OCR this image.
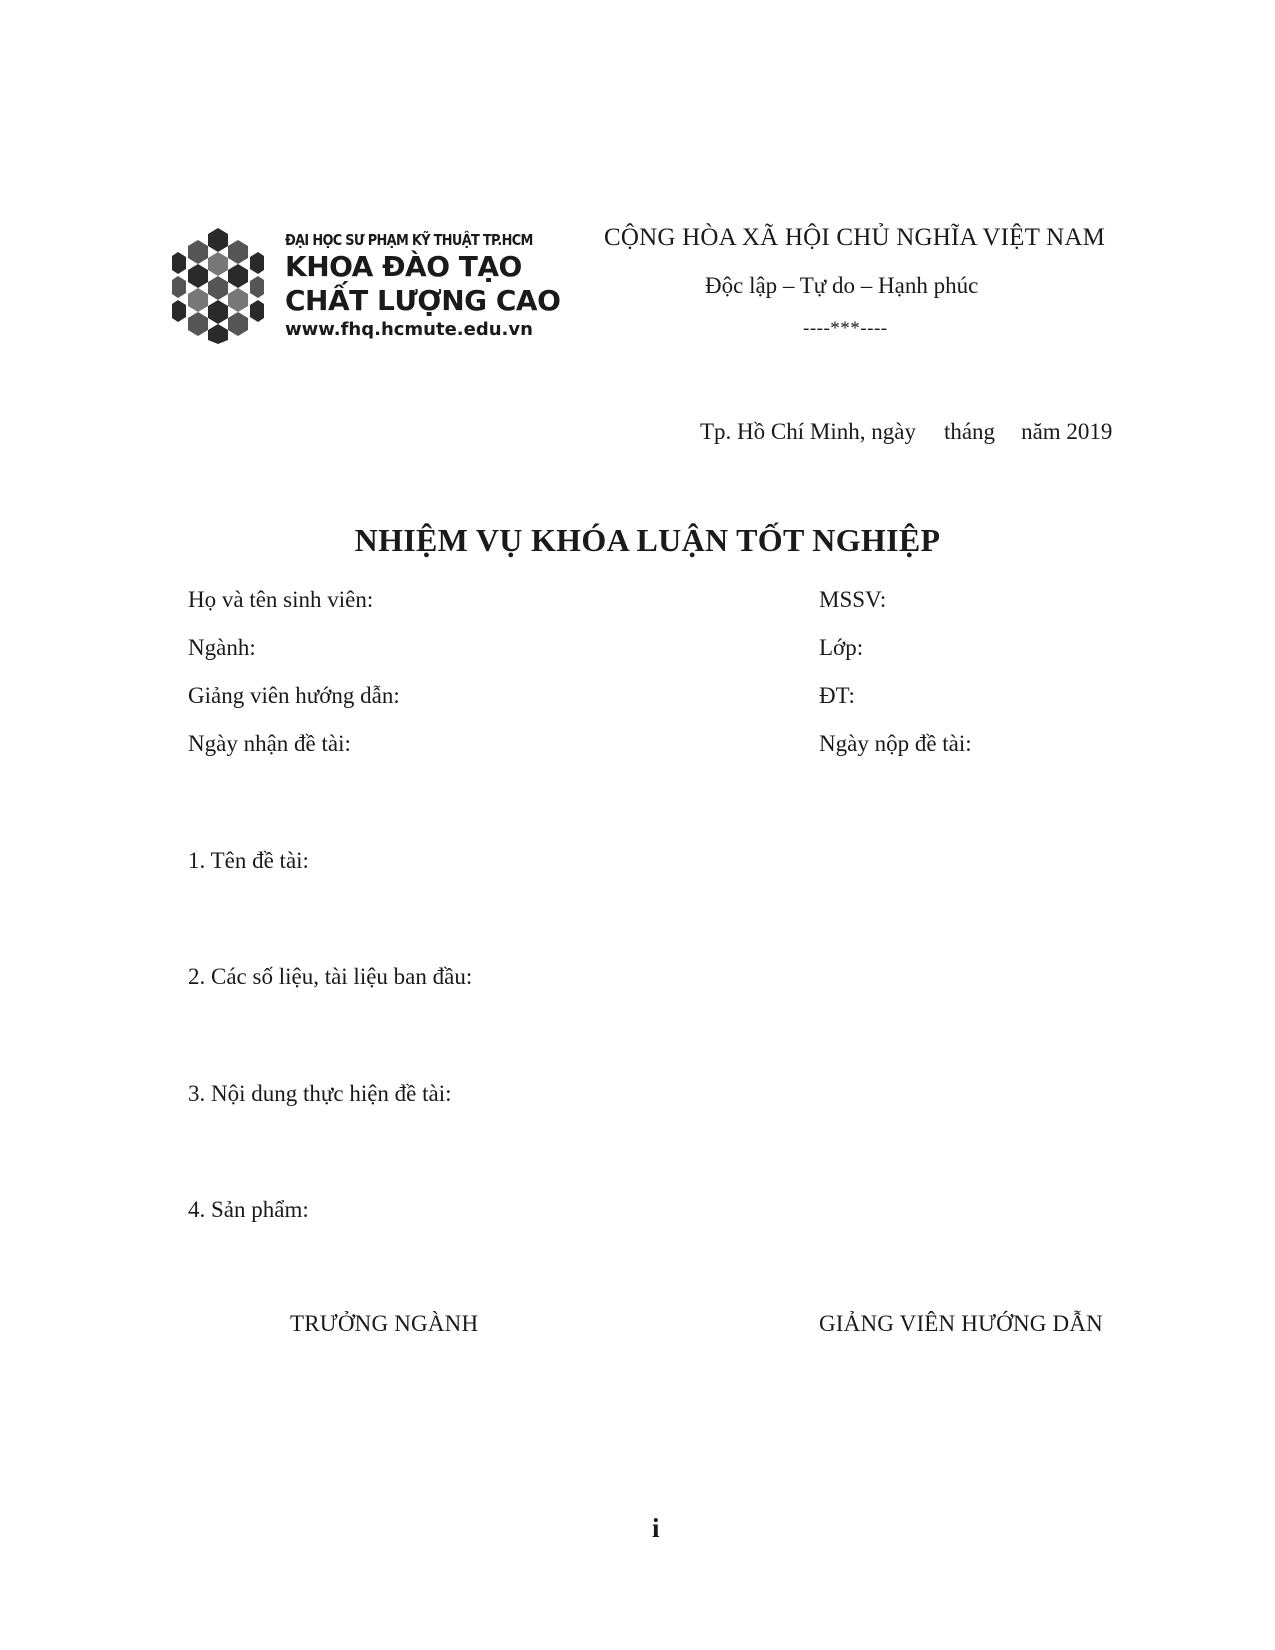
ĐẠI HỌC SƯ PHẠM KỸ THUẬT TP.HCM
KHOA ĐÀO TẠO
CHẤT LƯỢNG CAO
www.fhq.hcmute.edu.vn
CỘNG HÒA XÃ HỘI CHỦ NGHĨA VIỆT NAM
Độc lập – Tự do – Hạnh phúc
----***----
Tp. Hồ Chí Minh, ngày tháng năm 2019
NHIỆM VỤ KHÓA LUẬN TỐT NGHIỆP
Họ và tên sinh viên:	MSSV:
Ngành:	Lớp:
Giảng viên hướng dẫn:	ĐT:
Ngày nhận đề tài:	Ngày nộp đề tài:
1. Tên đề tài:
2. Các số liệu, tài liệu ban đầu:
3. Nội dung thực hiện đề tài:
4. Sản phẩm:
TRƯỞNG NGÀNH	GIẢNG VIÊN HƯỚNG DẪN
i
